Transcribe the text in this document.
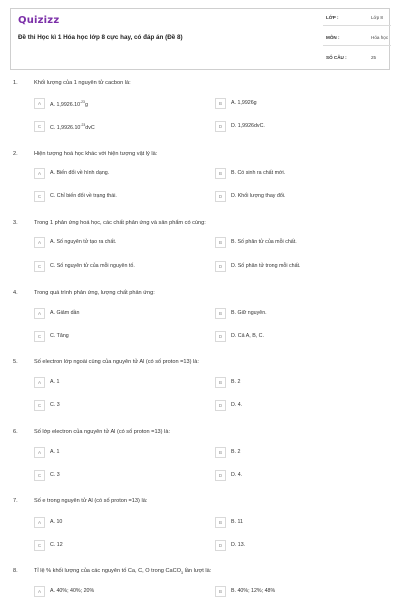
Quizizz
Đề thi Học kì 1 Hóa học lớp 8 cực hay, có đáp án (Đề 8)
LỚP :	Lớp 8
MÔN :	Hóa học
SỐ CÂU :	25
1.	Khối lượng của 1 nguyên tử cacbon là:
A	A. $1,9926.10^{-23}g$	B	A. 1,9926g
C	C. $1,9926.10^{-23}dvC$	D	D. 1,9926dvC.
2.	Hiện tượng hoá học khác với hiện tượng vật lý là:
A	A. Biến đổi về hình dạng.	B	B. Có sinh ra chất mới.
C	C. Chỉ biến đổi về trạng thái.	D	D. Khối lượng thay đổi.
3.	Trong 1 phản ứng hoá học, các chất phản ứng và sản phẩm có cùng:
A	A. Số nguyên tử tạo ra chất.	B	B. Số phân tử của mỗi chất.
C	C. Số nguyên tử của mỗi nguyên tố.	D	D. Số phân tử trong mỗi chất.
4.	Trong quá trình phản ứng, lượng chất phản ứng:
A	A. Giảm dần	B	B. Giữ nguyên.
C	C. Tăng	D	D. Cả A, B, C.
5.	Số electron lớp ngoài cùng của nguyên tử Al (có số proton =13) là:
A	A. 1	B	B. 2
C	C. 3	D	D. 4.
6.	Số lớp electron của nguyên tử Al (có số proton =13) là:
A	A. 1	B	B. 2
C	C. 3	D	D. 4.
7.	Số e trong nguyên tử Al (có số proton =13) là:
A	A. 10	B	B. 11
C	C. 12	D	D. 13.
8.	Tỉ lệ % khối lượng của các nguyên tố Ca, C, O trong CaCO$_3$ lần lượt là:
A	A. 40%; 40%; 20%	B	B. 40%; 12%; 48%
